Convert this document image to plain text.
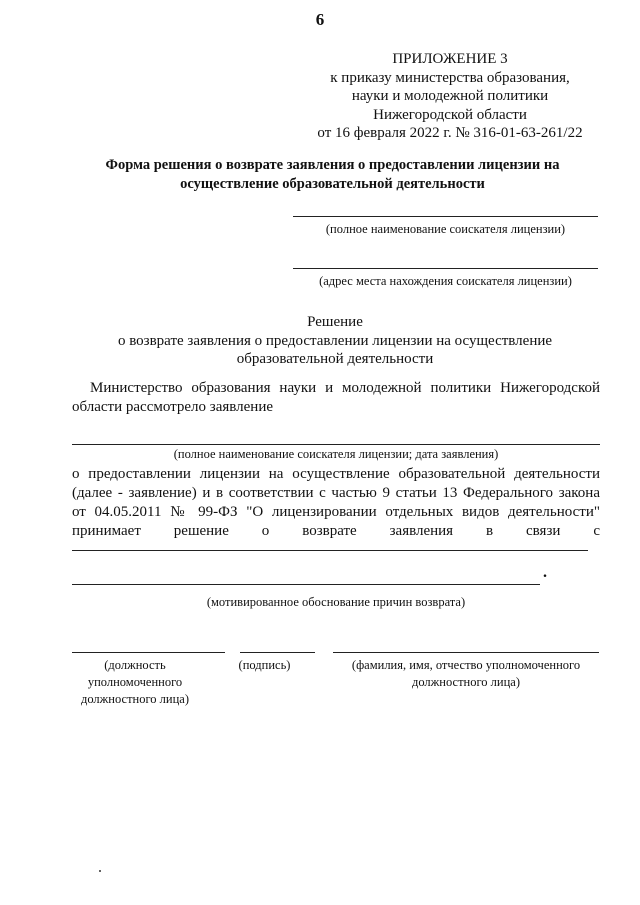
6
ПРИЛОЖЕНИЕ 3
к приказу министерства образования,
науки и молодежной политики
Нижегородской области
от 16 февраля 2022 г. № 316-01-63-261/22
Форма решения о возврате заявления о предоставлении лицензии на осуществление образовательной деятельности
(полное наименование соискателя лицензии)
(адрес места нахождения соискателя лицензии)
Решение
о возврате заявления о предоставлении лицензии на осуществление
образовательной деятельности
Министерство образования науки и молодежной политики Нижегородской области рассмотрело заявление
(полное наименование соискателя лицензии; дата заявления)
о предоставлении лицензии на осуществление образовательной деятельности
(далее - заявление) и в соответствии с частью 9 статьи 13 Федерального закона
от 04.05.2011 № 99-ФЗ "О лицензировании отдельных видов деятельности"
принимает решение о возврате заявления в связи с
.
(мотивированное обоснование причин возврата)
(должность
уполномоченного
должностного лица)
(подпись)	(фамилия, имя, отчество уполномоченного
должностного лица)
